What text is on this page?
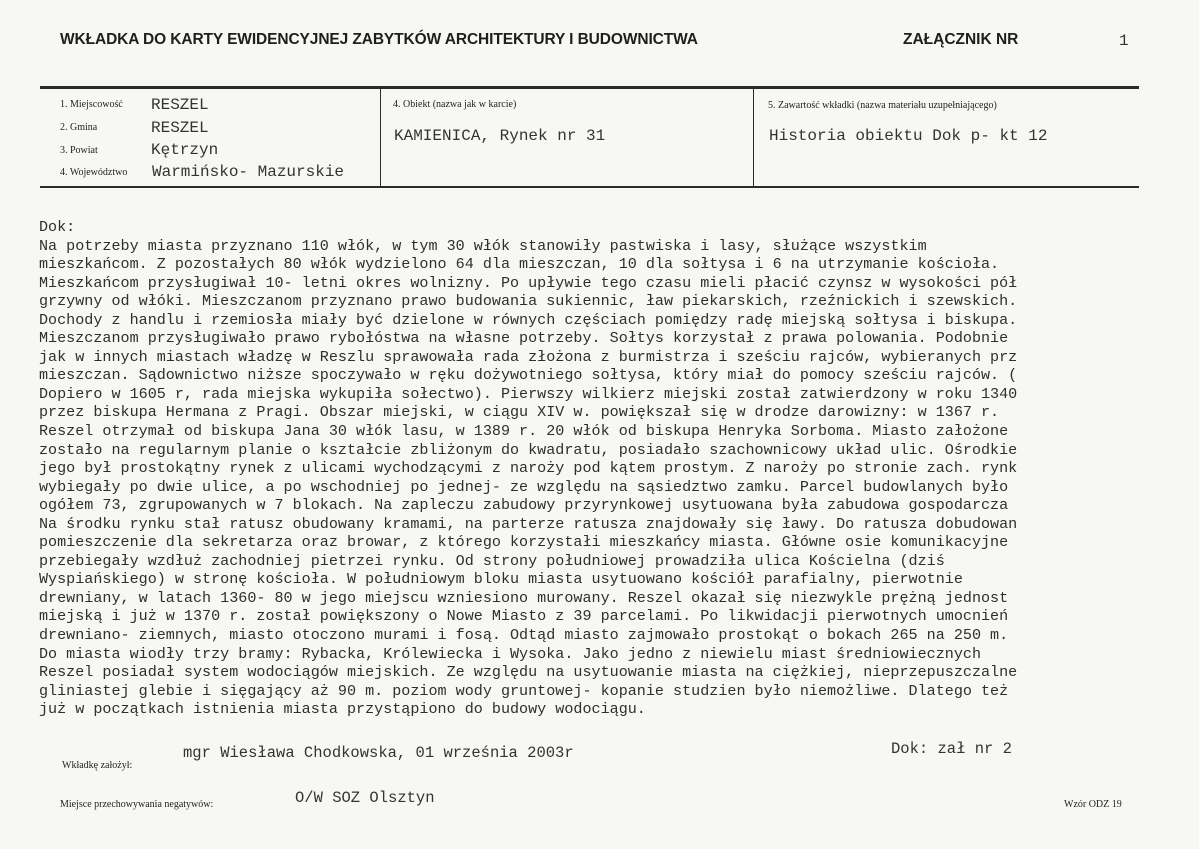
WKŁADKA DO KARTY EWIDENCYJNEJ ZABYTKÓW ARCHITEKTURY I BUDOWNICTWA	ZAŁĄCZNIK NR	1
1. Miejscowość RESZEL
2. Gmina	RESZEL
3. Powiat	Kętrzyn
4. Województwo Warmińsko- Mazurskie
4. Obiekt (nazwa jak w karcie)
KAMIENICA, Rynek nr 31
5. Zawartość wkładki (nazwa materiału uzupełniającego)
Historia obiektu Dok p- kt 12
Dok:
Na potrzeby miasta przyznano 110 włók, w tym 30 włók stanowiły pastwiska i lasy, służące wszystkim
mieszkańcom. Z pozostałych 80 włók wydzielono 64 dla mieszczan, 10 dla sołtysa i 6 na utrzymanie kościoła.
Mieszkańcom przysługiwał 10- letni okres wolnizny. Po upływie tego czasu mieli płacić czynsz w wysokości pół
grzywny od włóki. Mieszczanom przyznano prawo budowania sukiennic, ław piekarskich, rzeźnickich i szewskich.
Dochody z handlu i rzemiosła miały być dzielone w równych częściach pomiędzy radę miejską sołtysa i biskupa.
Mieszczanom przysługiwało prawo rybołóstwa na własne potrzeby. Sołtys korzystał z prawa polowania. Podobnie
jak w innych miastach władzę w Reszlu sprawowała rada złożona z burmistrza i sześciu rajców, wybieranych prz
mieszczan. Sądownictwo niższe spoczywało w ręku dożywotniego sołtysa, który miał do pomocy sześciu rajców. (
Dopiero w 1605 r, rada miejska wykupiła sołectwo). Pierwszy wilkierz miejski został zatwierdzony w roku 1340
przez biskupa Hermana z Pragi. Obszar miejski, w ciągu XIV w. powiększał się w drodze darowizny: w 1367 r.
Reszel otrzymał od biskupa Jana 30 włók lasu, w 1389 r. 20 włók od biskupa Henryka Sorboma. Miasto założone
zostało na regularnym planie o kształcie zbliżonym do kwadratu, posiadało szachownicowy układ ulic. Ośrodkie
jego był prostokątny rynek z ulicami wychodzącymi z naroży pod kątem prostym. Z naroży po stronie zach. rynk
wybiegały po dwie ulice, a po wschodniej po jednej- ze względu na sąsiedztwo zamku. Parcel budowlanych było
ogółem 73, zgrupowanych w 7 blokach. Na zapleczu zabudowy przyrynkowej usytuowana była zabudowa gospodarcza
Na środku rynku stał ratusz obudowany kramami, na parterze ratusza znajdowały się ławy. Do ratusza dobudowan
pomieszczenie dla sekretarza oraz browar, z którego korzystałi mieszkańcy miasta. Główne osie komunikacyjne
przebiegały wzdłuż zachodniej pietrzei rynku. Od strony południowej prowadziła ulica Kościelna (dziś
Wyspiańskiego) w stronę kościoła. W południowym bloku miasta usytuowano kościół parafialny, pierwotnie
drewniany, w latach 1360- 80 w jego miejscu wzniesiono murowany. Reszel okazał się niezwykle prężną jednost
miejską i już w 1370 r. został powiększony o Nowe Miasto z 39 parcelami. Po likwidacji pierwotnych umocnień
drewniano- ziemnych, miasto otoczono murami i fosą. Odtąd miasto zajmowało prostokąt o bokach 265 na 250 m.
Do miasta wiodły trzy bramy: Rybacka, Królewiecka i Wysoka. Jako jedno z niewielu miast średniowiecznych
Reszel posiadał system wodociągów miejskich. Ze względu na usytuowanie miasta na ciężkiej, nieprzepuszczalne
gliniastej glebie i sięgający aż 90 m. poziom wody gruntowej- kopanie studzien było niemożliwe. Dlatego też
już w początkach istnienia miasta przystąpiono do budowy wodociągu.
Wkładkę założył:
mgr Wiesława Chodkowska, 01 września 2003r	Dok: zał nr 2
Miejsce przechowywania negatywów:	O/W SOZ Olsztyn	Wzór ODZ 19
